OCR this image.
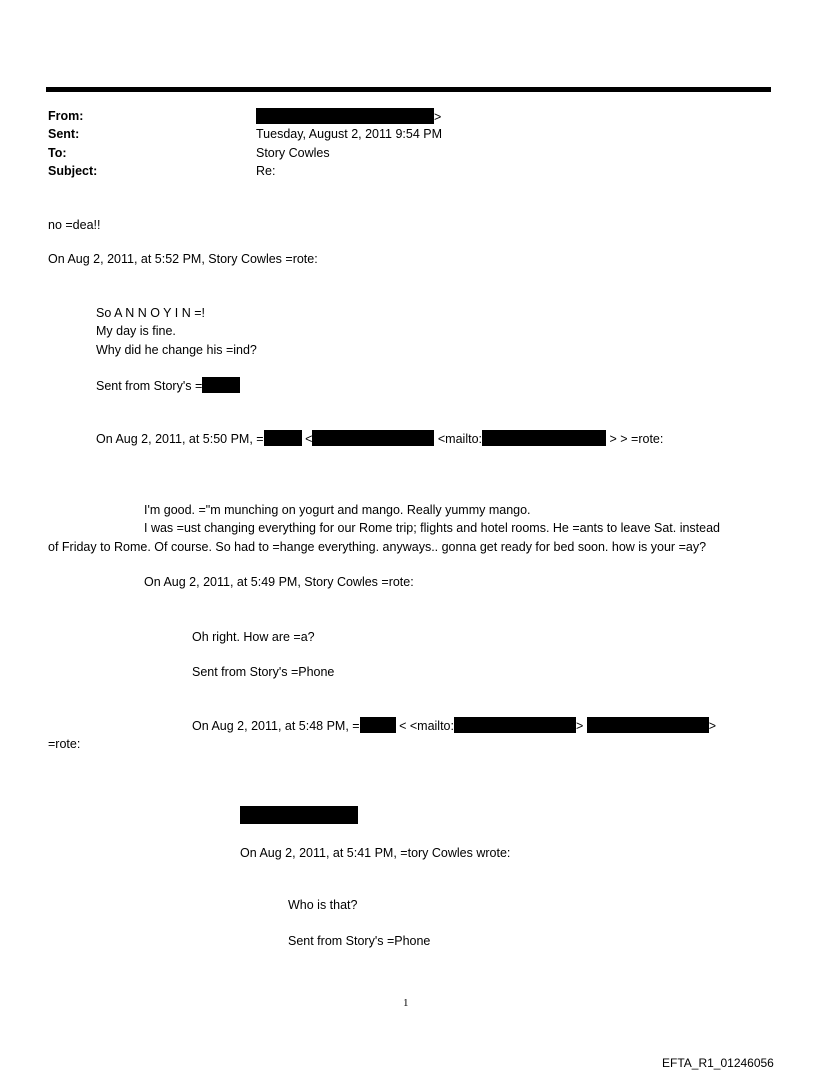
From:	>
Sent:	Tuesday, August 2, 2011 9:54 PM
To:	Story Cowles
Subject:	Re:
no =dea!!
On Aug 2, 2011, at 5:52 PM, Story Cowles =rote:
So A N N O Y I N =!
My day is fine.
Why did he change his =ind?
Sent from Story's =
On Aug 2, 2011, at 5:50 PM, =	<	<mailto:	> > =rote:
I'm good. ="m munching on yogurt and mango. Really yummy mango.
I was =ust changing everything for our Rome trip; flights and hotel rooms. He =ants to leave Sat. instead
of Friday to Rome. Of course. So had to =hange everything. anyways.. gonna get ready for bed soon. how is your =ay?
On Aug 2, 2011, at 5:49 PM, Story Cowles =rote:
Oh right. How are =a?
Sent from Story's =Phone
On Aug 2, 2011, at 5:48 PM, =	< <mailto:	>	>
=rote:
On Aug 2, 2011, at 5:41 PM, =tory Cowles wrote:
Who is that?
Sent from Story's =Phone
1
EFTA_R1_01246056
